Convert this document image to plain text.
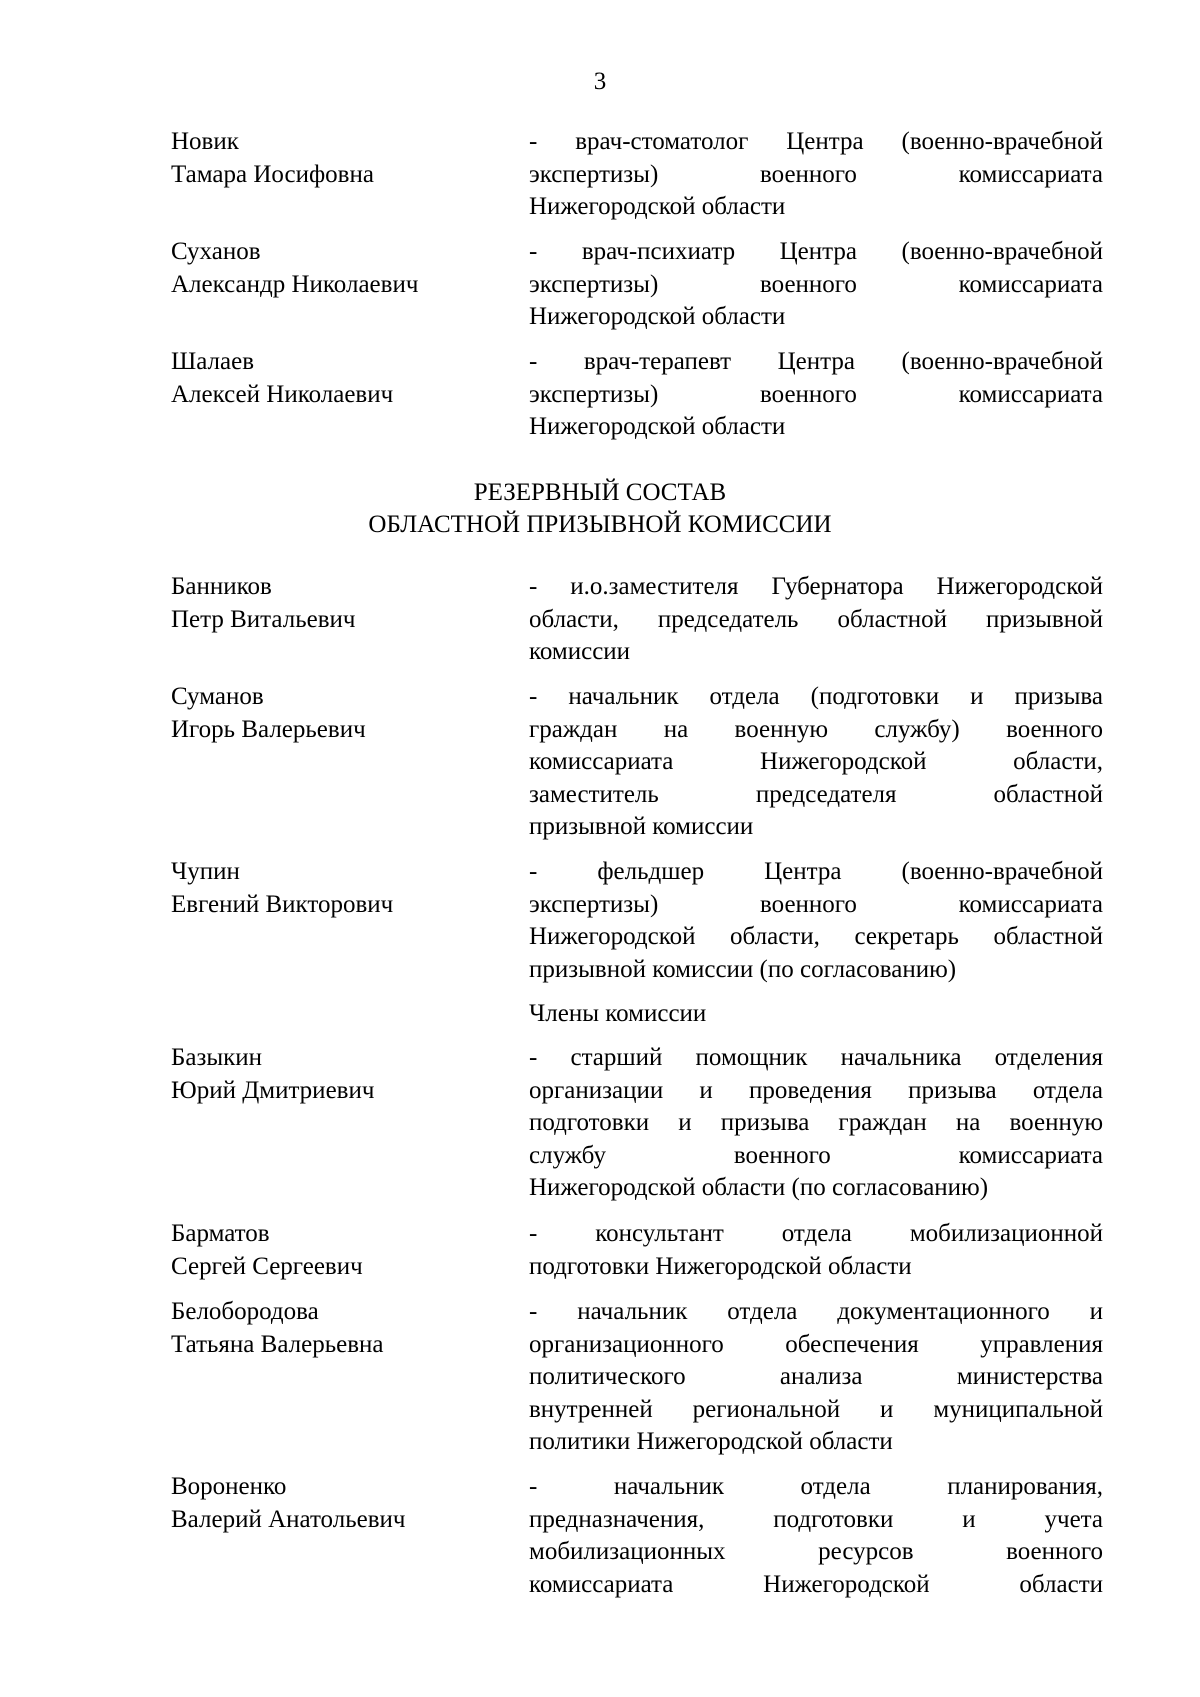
3
Новик
Тамара Иосифовна
- врач-стоматолог Центра (военно-врачебной
экспертизы) военного комиссариата
Нижегородской области
Суханов
Александр Николаевич
- врач-психиатр Центра (военно-врачебной
экспертизы) военного комиссариата
Нижегородской области
Шалаев
Алексей Николаевич
- врач-терапевт Центра (военно-врачебной
экспертизы) военного комиссариата
Нижегородской области
РЕЗЕРВНЫЙ СОСТАВ
ОБЛАСТНОЙ ПРИЗЫВНОЙ КОМИССИИ
Банников
Петр Витальевич
- и.о.заместителя Губернатора Нижегородской
области, председатель областной призывной
комиссии
Суманов
Игорь Валерьевич
- начальник отдела (подготовки и призыва
граждан на военную службу) военного
комиссариата Нижегородской области,
заместитель председателя областной
призывной комиссии
Чупин
Евгений Викторович
- фельдшер Центра (военно-врачебной
экспертизы) военного комиссариата
Нижегородской области, секретарь областной
призывной комиссии (по согласованию)
Члены комиссии
Базыкин
Юрий Дмитриевич
- старший помощник начальника отделения
организации и проведения призыва отдела
подготовки и призыва граждан на военную
службу военного комиссариата
Нижегородской области (по согласованию)
Барматов
Сергей Сергеевич
- консультант отдела мобилизационной
подготовки Нижегородской области
Белобородова
Татьяна Валерьевна
- начальник отдела документационного и
организационного обеспечения управления
политического анализа министерства
внутренней региональной и муниципальной
политики Нижегородской области
Вороненко
Валерий Анатольевич
- начальник отдела планирования,
предназначения, подготовки и учета
мобилизационных ресурсов военного
комиссариата Нижегородской области
